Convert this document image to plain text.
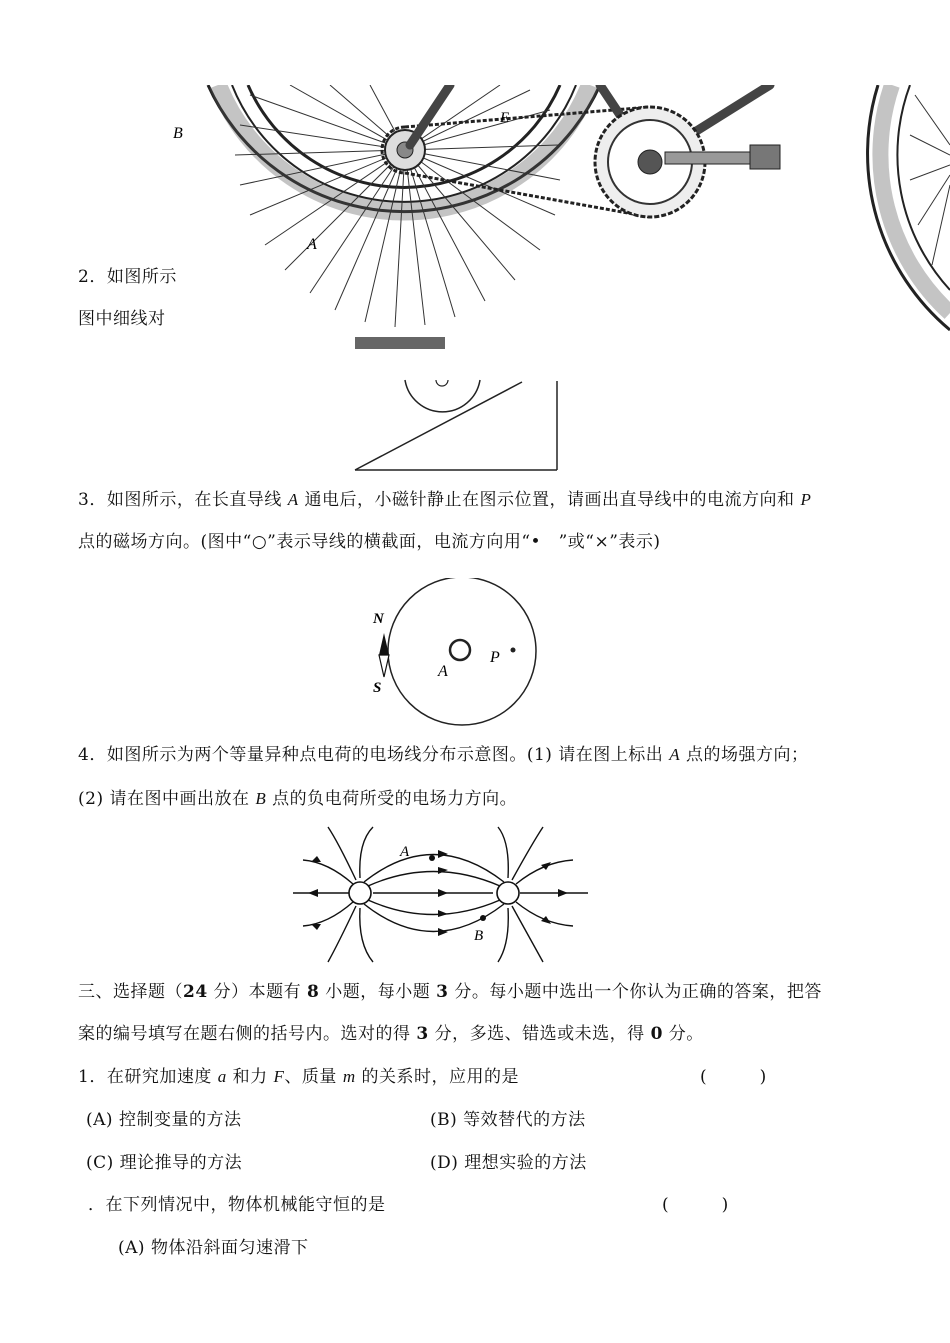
B
A
E
2．如图所示
图中细线对
3．如图所示，在长直导线 A 通电后，小磁针静止在图示位置，请画出直导线中的电流方向和 P
点的磁场方向。(图中“○”表示导线的横截面，电流方向用“•　”或“×”表示)
N
S
A
P
4．如图所示为两个等量异种点电荷的电场线分布示意图。(1) 请在图上标出 A 点的场强方向；
(2) 请在图中画出放在 B 点的负电荷所受的电场力方向。
A
B
三、选择题（24 分）本题有 8 小题，每小题 3 分。每小题中选出一个你认为正确的答案，把答
案的编号填写在题右侧的括号内。选对的得 3 分，多选、错选或未选，得 0 分。
1．在研究加速度 a 和力 F、质量 m 的关系时，应用的是	(　　　)
(A) 控制变量的方法	(B) 等效替代的方法
(C) 理论推导的方法	(D) 理想实验的方法
．在下列情况中，物体机械能守恒的是	(　　　)
(A) 物体沿斜面匀速滑下
